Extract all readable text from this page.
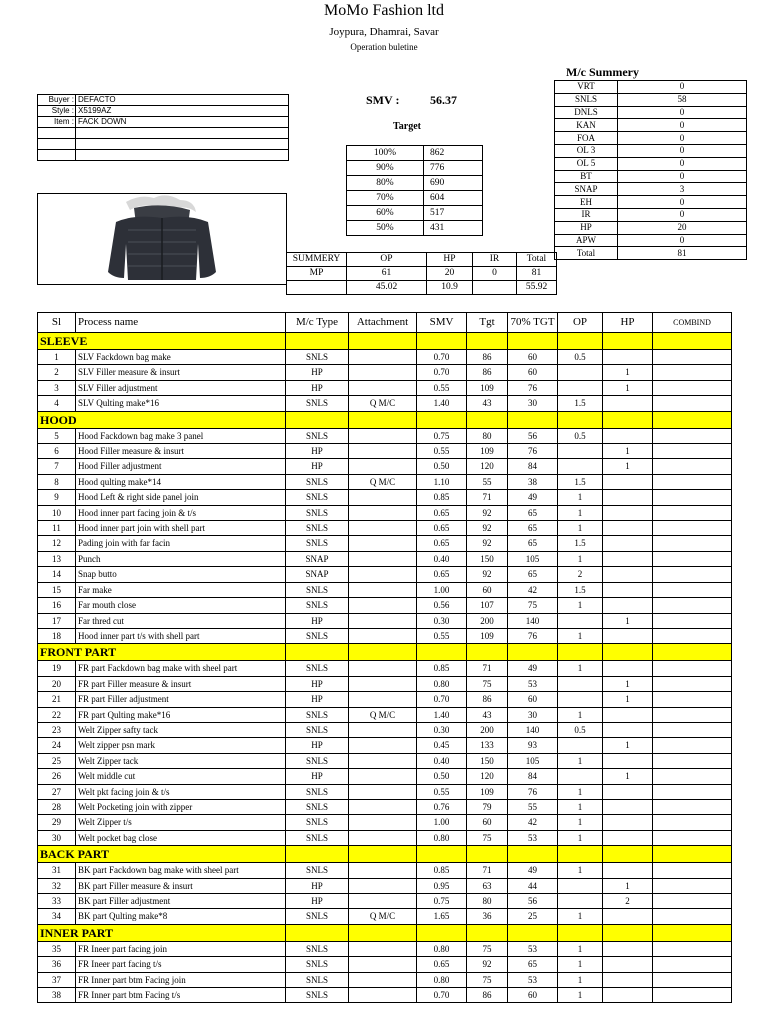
MoMo Fashion ltd
Joypura, Dhamrai, Savar
Operation buletine
Buyer :	DEFACTO
Style :	X5199AZ
Item :	FACK DOWN

SMV :	56.37
Target
100%	862
90%	776
80%	690
70%	604
60%	517
50%	431
SUMMERY	OP	HP	IR	Total
MP	61	20	0	81
	45.02	10.9		55.92
M/c Summery
VRT	0
SNLS	58
DNLS	0
KAN	0
FOA	0
OL 3	0
OL 5	0
BT	0
SNAP	3
EH	0
IR	0
HP	20
APW	0
Total	81
Sl	Process name	M/c Type	Attachment	SMV	Tgt	70% TGT	OP	HP	COMBIND
SLEEVE									
1	SLV Fackdown bag make	SNLS		0.70	86	60	0.5		
2	SLV Filler measure & insurt	HP		0.70	86	60		1	
3	SLV Filler adjustment	HP		0.55	109	76		1	
4	SLV Qulting make*16	SNLS	Q M/C	1.40	43	30	1.5		
HOOD									
5	Hood Fackdown bag make 3 panel	SNLS		0.75	80	56	0.5		
6	Hood Filler measure & insurt	HP		0.55	109	76		1	
7	Hood Filler adjustment	HP		0.50	120	84		1	
8	Hood qulting make*14	SNLS	Q M/C	1.10	55	38	1.5		
9	Hood Left & right side panel join	SNLS		0.85	71	49	1		
10	Hood inner part facing join & t/s	SNLS		0.65	92	65	1		
11	Hood inner part join with shell part	SNLS		0.65	92	65	1		
12	Pading join with far facin	SNLS		0.65	92	65	1.5		
13	Punch	SNAP		0.40	150	105	1		
14	Snap butto	SNAP		0.65	92	65	2		
15	Far make	SNLS		1.00	60	42	1.5		
16	Far mouth close	SNLS		0.56	107	75	1		
17	Far thred cut	HP		0.30	200	140		1	
18	Hood inner part t/s with shell part	SNLS		0.55	109	76	1		
FRONT PART									
19	FR part Fackdown bag make with sheel part	SNLS		0.85	71	49	1		
20	FR part Filler measure & insurt	HP		0.80	75	53		1	
21	FR part Filler adjustment	HP		0.70	86	60		1	
22	FR part Qulting make*16	SNLS	Q M/C	1.40	43	30	1		
23	Welt Zipper safty tack	SNLS		0.30	200	140	0.5		
24	Welt zipper psn mark	HP		0.45	133	93		1	
25	Welt Zipper tack	SNLS		0.40	150	105	1		
26	Welt middle cut	HP		0.50	120	84		1	
27	Welt pkt facing join & t/s	SNLS		0.55	109	76	1		
28	Welt Pocketing join with zipper	SNLS		0.76	79	55	1		
29	Welt Zipper t/s	SNLS		1.00	60	42	1		
30	Welt pocket bag close	SNLS		0.80	75	53	1		
BACK PART									
31	BK part Fackdown bag make with sheel part	SNLS		0.85	71	49	1		
32	BK part Filler measure & insurt	HP		0.95	63	44		1	
33	BK part Filler adjustment	HP		0.75	80	56		2	
34	BK part Qulting make*8	SNLS	Q M/C	1.65	36	25	1		
INNER PART									
35	FR Ineer part facing join	SNLS		0.80	75	53	1		
36	FR Ineer part facing t/s	SNLS		0.65	92	65	1		
37	FR Inner part btm Facing join	SNLS		0.80	75	53	1		
38	FR Inner part btm Facing t/s	SNLS		0.70	86	60	1		
